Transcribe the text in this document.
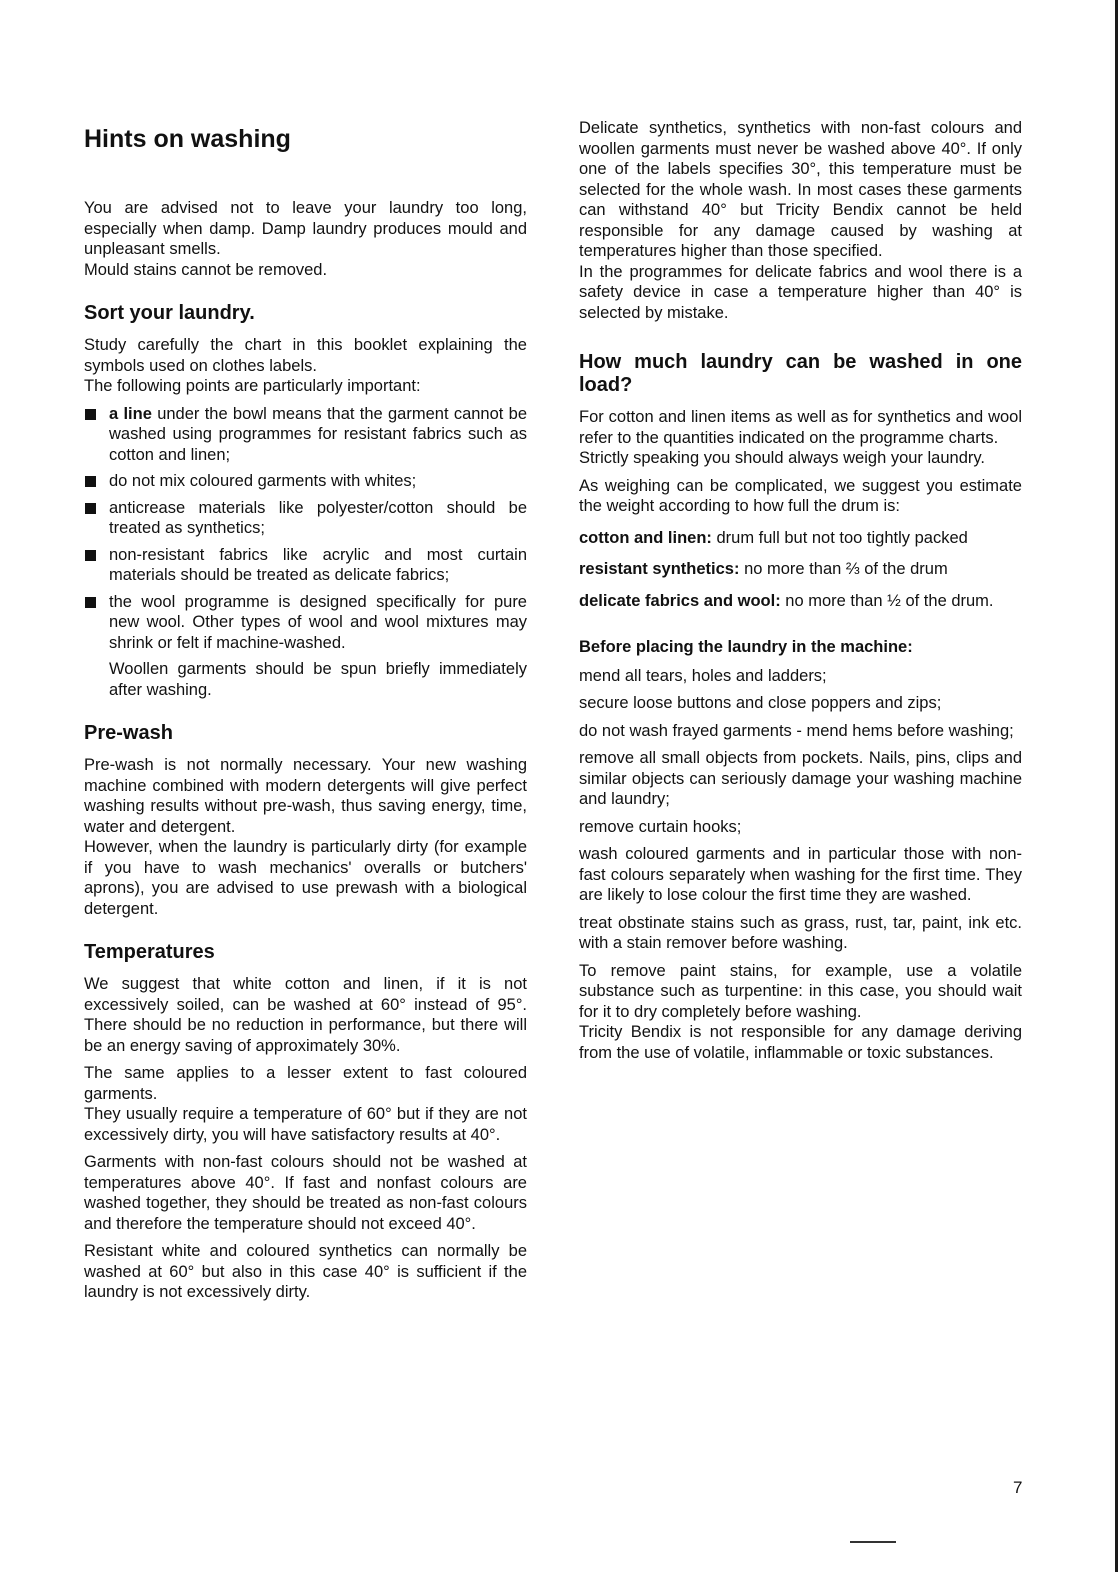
Hints on washing

You are advised not to leave your laundry too long, especially when damp. Damp laundry produces mould and unpleasant smells.

Mould stains cannot be removed.

Sort your laundry.

Study carefully the chart in this booklet explaining the symbols used on clothes labels.

The following points are particularly important:

a line under the bowl means that the garment cannot be washed using programmes for resistant fabrics such as cotton and linen;
do not mix coloured garments with whites;
anticrease materials like polyester/cotton should be treated as synthetics;
non-resistant fabrics like acrylic and most curtain materials should be treated as delicate fabrics;
the wool programme is designed specifically for pure new wool. Other types of wool and wool mixtures may shrink or felt if machine-washed.

Woollen garments should be spun briefly immediately after washing.

Pre-wash

Pre-wash is not normally necessary. Your new washing machine combined with modern detergents will give perfect washing results without pre-wash, thus saving energy, time, water and detergent.

However, when the laundry is particularly dirty (for example if you have to wash mechanics' overalls or butchers' aprons), you are advised to use prewash with a biological detergent.

Temperatures

We suggest that white cotton and linen, if it is not excessively soiled, can be washed at 60° instead of 95°. There should be no reduction in performance, but there will be an energy saving of approximately 30%.

The same applies to a lesser extent to fast coloured garments.

They usually require a temperature of 60° but if they are not excessively dirty, you will have satisfactory results at 40°.

Garments with non-fast colours should not be washed at temperatures above 40°. If fast and nonfast colours are washed together, they should be treated as non-fast colours and therefore the temperature should not exceed 40°.

Resistant white and coloured synthetics can normally be washed at 60° but also in this case 40° is sufficient if the laundry is not excessively dirty.

Delicate synthetics, synthetics with non-fast colours and woollen garments must never be washed above 40°. If only one of the labels specifies 30°, this temperature must be selected for the whole wash. In most cases these garments can withstand 40° but Tricity Bendix cannot be held responsible for any damage caused by washing at temperatures higher than those specified.

In the programmes for delicate fabrics and wool there is a safety device in case a temperature higher than 40° is selected by mistake.

How much laundry can be washed in one load?

For cotton and linen items as well as for synthetics and wool refer to the quantities indicated on the programme charts.

Strictly speaking you should always weigh your laundry.

As weighing can be complicated, we suggest you estimate the weight according to how full the drum is:

cotton and linen: drum full but not too tightly packed

resistant synthetics: no more than ⅔ of the drum

delicate fabrics and wool: no more than ½ of the drum.

Before placing the laundry in the machine:

mend all tears, holes and ladders;

secure loose buttons and close poppers and zips;

do not wash frayed garments - mend hems before washing;

remove all small objects from pockets. Nails, pins, clips and similar objects can seriously damage your washing machine and laundry;

remove curtain hooks;

wash coloured garments and in particular those with non-fast colours separately when washing for the first time. They are likely to lose colour the first time they are washed.

treat obstinate stains such as grass, rust, tar, paint, ink etc. with a stain remover before washing.

To remove paint stains, for example, use a volatile substance such as turpentine: in this case, you should wait for it to dry completely before washing.

Tricity Bendix is not responsible for any damage deriving from the use of volatile, inflammable or toxic substances.

7
